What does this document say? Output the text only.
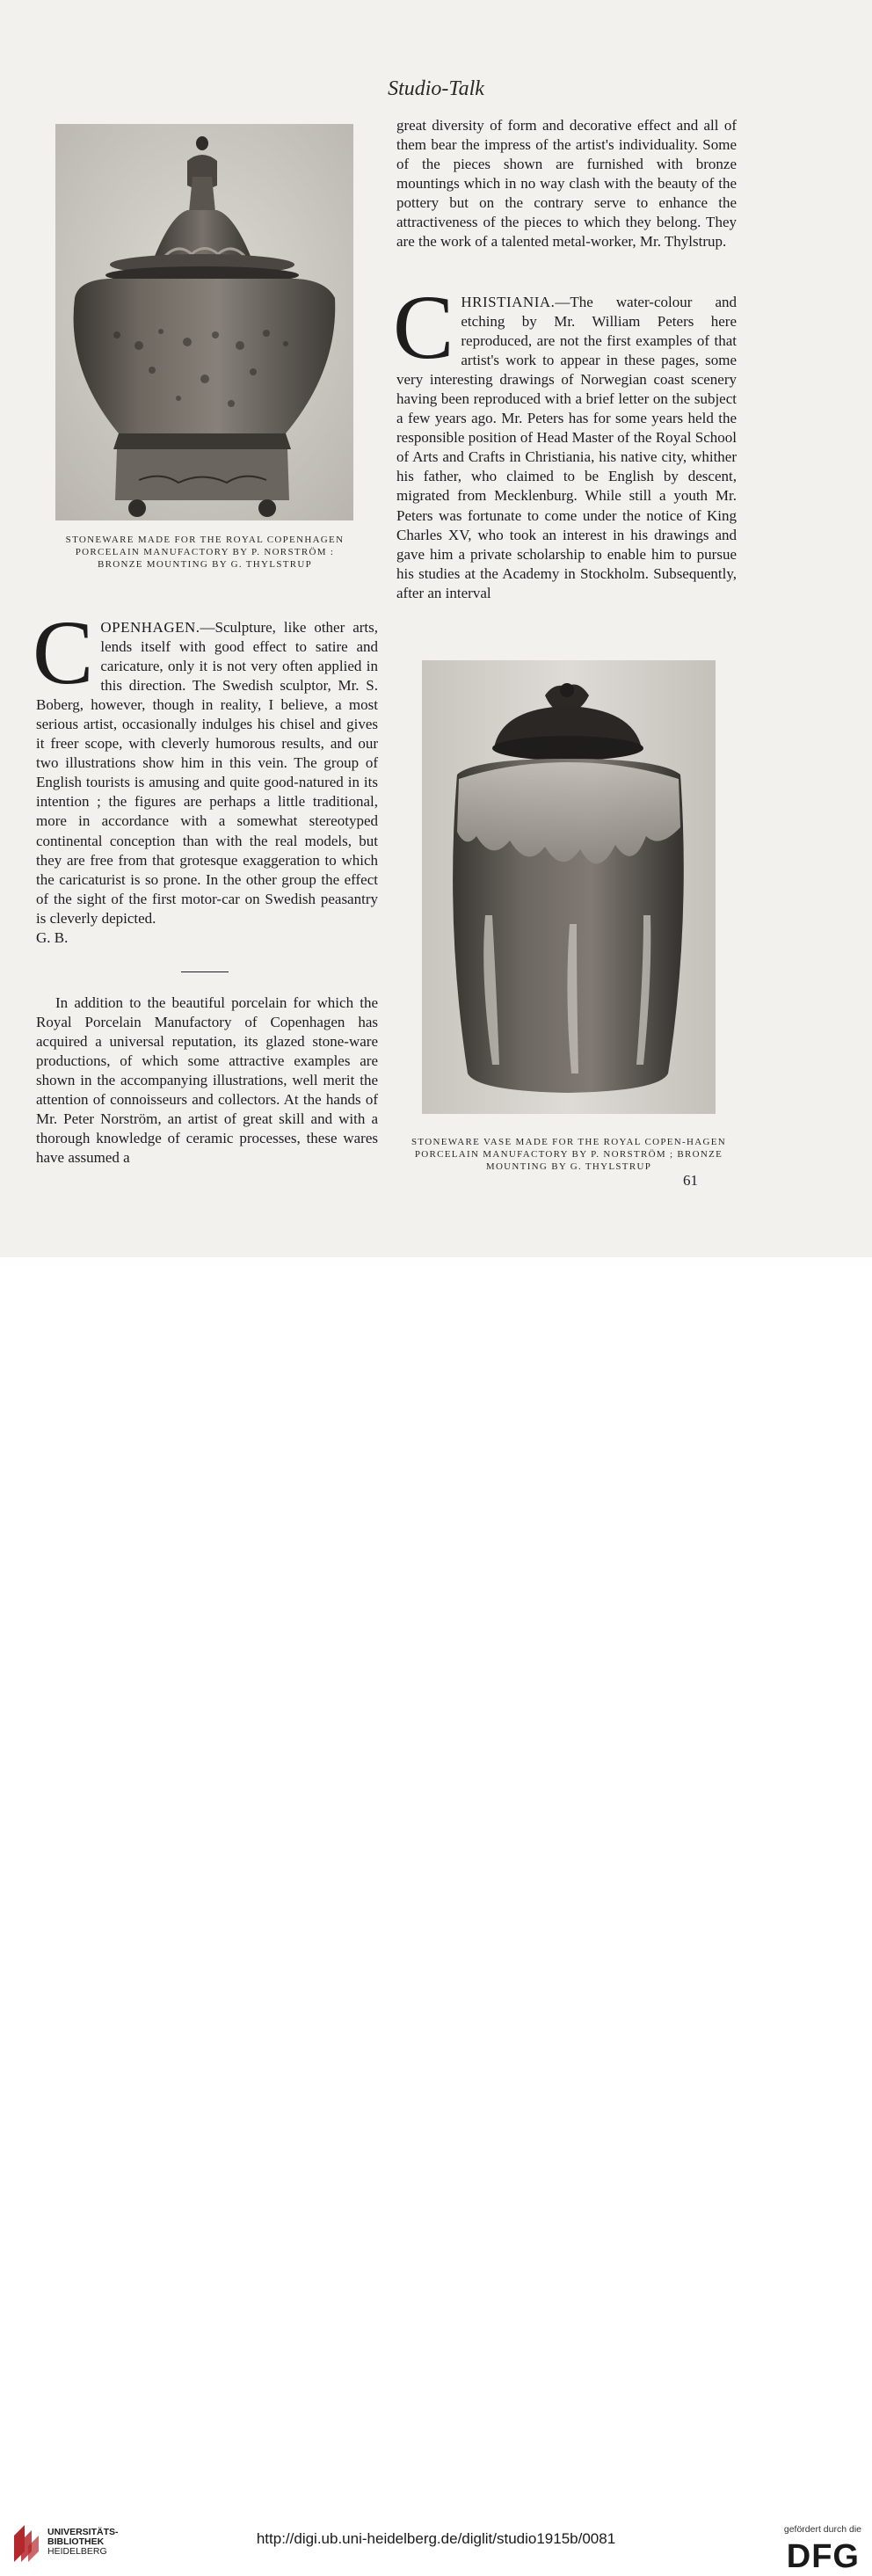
Studio-Talk
STONEWARE MADE FOR THE ROYAL COPENHAGEN PORCELAIN MANUFACTORY BY P. NORSTRÖM : BRONZE MOUNTING BY G. THYLSTRUP
C OPENHAGEN.—Sculpture, like other arts, lends itself with good effect to satire and caricature, only it is not very often applied in this direction. The Swedish sculptor, Mr. S. Boberg, however, though in reality, I believe, a most serious artist, occasionally indulges his chisel and gives it freer scope, with cleverly humorous results, and our two illustrations show him in this vein. The group of English tourists is amusing and quite good-natured in its intention ; the figures are perhaps a little traditional, more in accordance with a somewhat stereotyped continental conception than with the real models, but they are free from that grotesque exaggeration to which the caricaturist is so prone. In the other group the effect of the sight of the first motor-car on Swedish peasantry is cleverly depicted.

G. B.

In addition to the beautiful porcelain for which the Royal Porcelain Manufactory of Copenhagen has acquired a universal reputation, its glazed stone-ware productions, of which some attractive examples are shown in the accompanying illustrations, well merit the attention of connoisseurs and collectors. At the hands of Mr. Peter Norström, an artist of great skill and with a thorough knowledge of ceramic processes, these wares have assumed a

great diversity of form and decorative effect and all of them bear the impress of the artist's individuality. Some of the pieces shown are furnished with bronze mountings which in no way clash with the beauty of the pottery but on the contrary serve to enhance the attractiveness of the pieces to which they belong. They are the work of a talented metal-worker, Mr. Thylstrup.

C HRISTIANIA.—The water-colour and etching by Mr. William Peters here reproduced, are not the first examples of that artist's work to appear in these pages, some very interesting drawings of Norwegian coast scenery having been reproduced with a brief letter on the subject a few years ago. Mr. Peters has for some years held the responsible position of Head Master of the Royal School of Arts and Crafts in Christiania, his native city, whither his father, who claimed to be English by descent, migrated from Mecklenburg. While still a youth Mr. Peters was fortunate to come under the notice of King Charles XV, who took an interest in his drawings and gave him a private scholarship to enable him to pursue his studies at the Academy in Stockholm. Subsequently, after an interval

STONEWARE VASE MADE FOR THE ROYAL COPEN-HAGEN PORCELAIN MANUFACTORY BY P. NORSTRÖM ; BRONZE MOUNTING BY G. THYLSTRUP
61
UNIVERSITÄTS-
BIBLIOTHEK
HEIDELBERG
http://digi.ub.uni-heidelberg.de/diglit/studio1915b/0081
gefördert durch die
DFG
